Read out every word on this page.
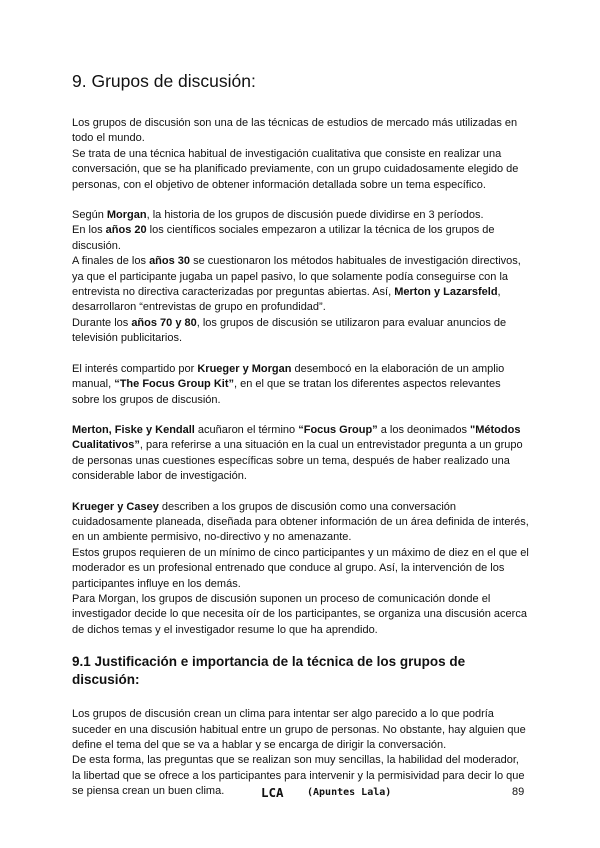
9. Grupos de discusión:
Los grupos de discusión son una de las técnicas de estudios de mercado más utilizadas en todo el mundo.
Se trata de una técnica habitual de investigación cualitativa que consiste en realizar una conversación, que se ha planificado previamente, con un grupo cuidadosamente elegido de personas, con el objetivo de obtener información detallada sobre un tema específico.
Según Morgan, la historia de los grupos de discusión puede dividirse en 3 períodos.
En los años 20 los científicos sociales empezaron a utilizar la técnica de los grupos de discusión.
A finales de los años 30 se cuestionaron los métodos habituales de investigación directivos, ya que el participante jugaba un papel pasivo, lo que solamente podía conseguirse con la entrevista no directiva caracterizadas por preguntas abiertas. Así, Merton y Lazarsfeld, desarrollaron “entrevistas de grupo en profundidad”.
Durante los años 70 y 80, los grupos de discusión se utilizaron para evaluar anuncios de televisión publicitarios.
El interés compartido por Krueger y Morgan desembocó en la elaboración de un amplio manual, “The Focus Group Kit”, en el que se tratan los diferentes aspectos relevantes sobre los grupos de discusión.
Merton, Fiske y Kendall acuñaron el término “Focus Group” a los deonimados "Métodos Cualitativos”, para referirse a una situación en la cual un entrevistador pregunta a un grupo de personas unas cuestiones específicas sobre un tema, después de haber realizado una considerable labor de investigación.
Krueger y Casey describen a los grupos de discusión como una conversación cuidadosamente planeada, diseñada para obtener información de un área definida de interés, en un ambiente permisivo, no-directivo y no amenazante.
Estos grupos requieren de un mínimo de cinco participantes y un máximo de diez en el que el moderador es un profesional entrenado que conduce al grupo. Así, la intervención de los participantes influye en los demás.
Para Morgan, los grupos de discusión suponen un proceso de comunicación donde el investigador decide lo que necesita oír de los participantes, se organiza una discusión acerca de dichos temas y el investigador resume lo que ha aprendido.
9.1 Justificación e importancia de la técnica de los grupos de discusión:
Los grupos de discusión crean un clima para intentar ser algo parecido a lo que podría suceder en una discusión habitual entre un grupo de personas. No obstante, hay alguien que define el tema del que se va a hablar y se encarga de dirigir la conversación.
De esta forma, las preguntas que se realizan son muy sencillas, la habilidad del moderador, la libertad que se ofrece a los participantes para intervenir y la permisividad para decir lo que se piensa crean un buen clima.	LCA (Apuntes Lala)	89
